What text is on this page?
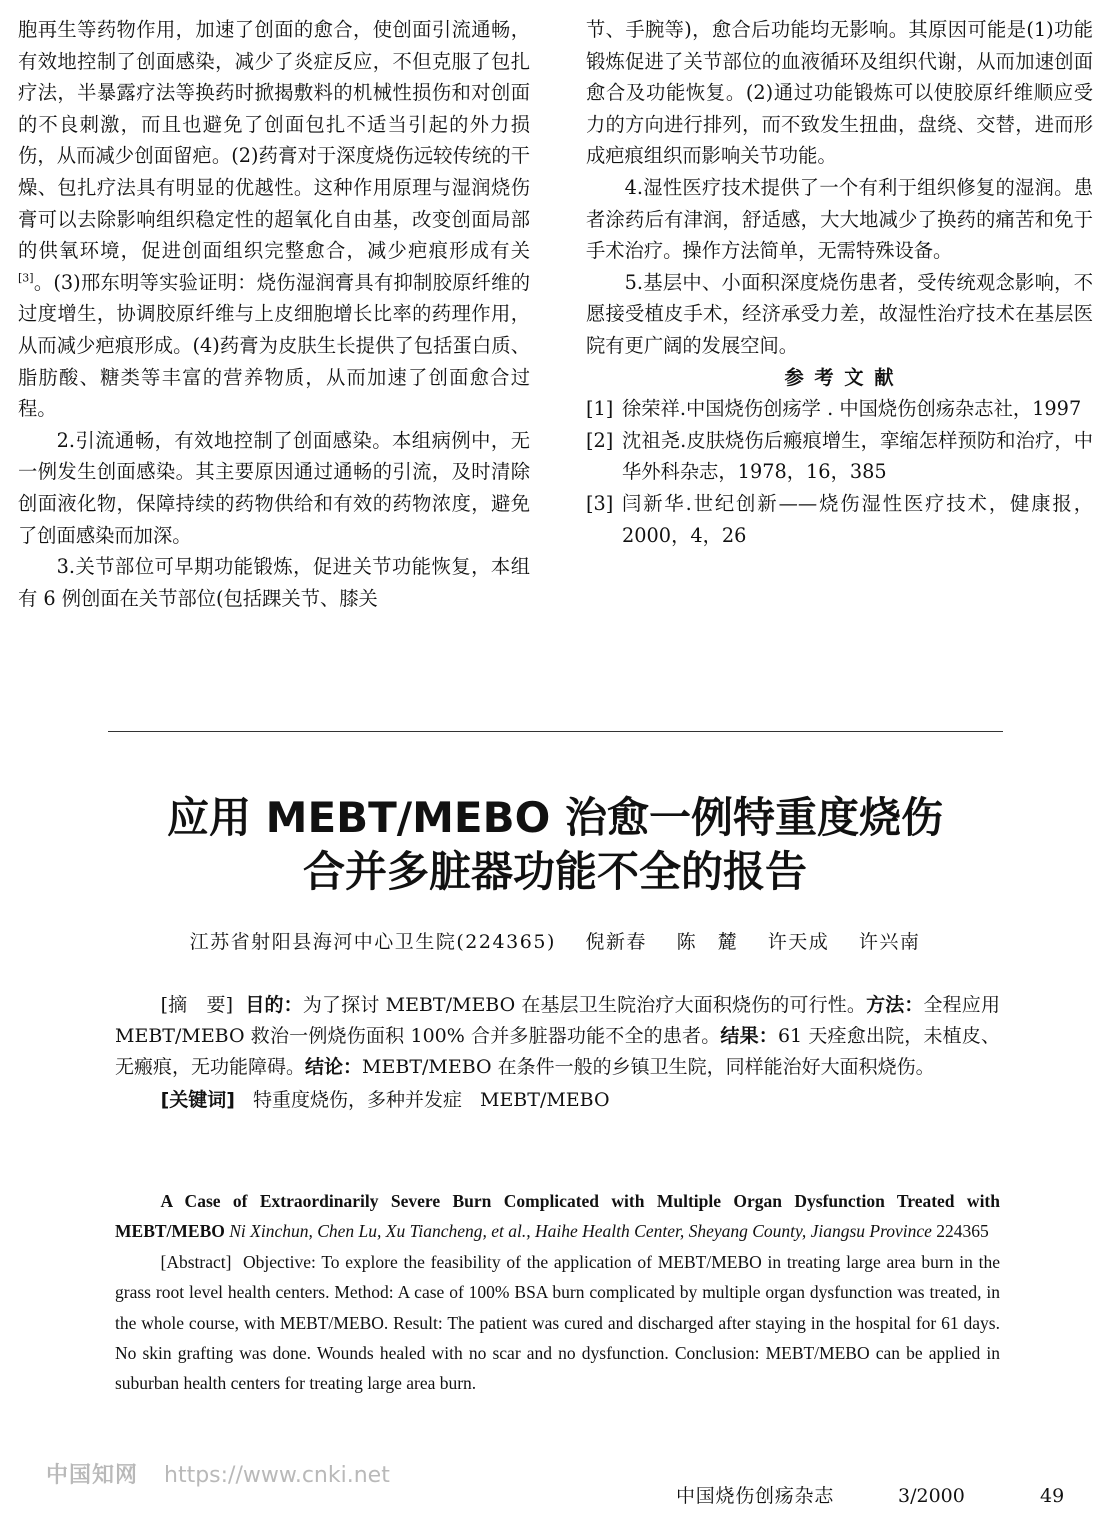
胞再生等药物作用，加速了创面的愈合，使创面引流通畅，有效地控制了创面感染，减少了炎症反应，不但克服了包扎疗法，半暴露疗法等换药时掀揭敷料的机械性损伤和对创面的不良刺激，而且也避免了创面包扎不适当引起的外力损伤，从而减少创面留疤。(2)药膏对于深度烧伤远较传统的干燥、包扎疗法具有明显的优越性。这种作用原理与湿润烧伤膏可以去除影响组织稳定性的超氧化自由基，改变创面局部的供氧环境，促进创面组织完整愈合，减少疤痕形成有关[3]。(3)邢东明等实验证明：烧伤湿润膏具有抑制胶原纤维的过度增生，协调胶原纤维与上皮细胞增长比率的药理作用，从而减少疤痕形成。(4)药膏为皮肤生长提供了包括蛋白质、脂肪酸、糖类等丰富的营养物质，从而加速了创面愈合过程。

2.引流通畅，有效地控制了创面感染。本组病例中，无一例发生创面感染。其主要原因通过通畅的引流，及时清除创面液化物，保障持续的药物供给和有效的药物浓度，避免了创面感染而加深。

3.关节部位可早期功能锻炼，促进关节功能恢复，本组有 6 例创面在关节部位(包括踝关节、膝关

节、手腕等)，愈合后功能均无影响。其原因可能是(1)功能锻炼促进了关节部位的血液循环及组织代谢，从而加速创面愈合及功能恢复。(2)通过功能锻炼可以使胶原纤维顺应受力的方向进行排列，而不致发生扭曲，盘绕、交替，进而形成疤痕组织而影响关节功能。

4.湿性医疗技术提供了一个有利于组织修复的湿润。患者涂药后有津润，舒适感，大大地减少了换药的痛苦和免于手术治疗。操作方法简单，无需特殊设备。

5.基层中、小面积深度烧伤患者，受传统观念影响，不愿接受植皮手术，经济承受力差，故湿性治疗技术在基层医院有更广阔的发展空间。

参考文献

[1] 徐荣祥.中国烧伤创疡学 . 中国烧伤创疡杂志社，1997

[2] 沈祖尧.皮肤烧伤后瘢痕增生，挛缩怎样预防和治疗，中华外科杂志，1978，16，385

[3] 闫新华.世纪创新——烧伤湿性医疗技术，健康报，2000，4，26

应用 MEBT/MEBO 治愈一例特重度烧伤
合并多脏器功能不全的报告
江苏省射阳县海河中心卫生院(224365) 倪新春 陈　麓 许天成 许兴南

[摘　要] 目的：为了探讨 MEBT/MEBO 在基层卫生院治疗大面积烧伤的可行性。方法：全程应用 MEBT/MEBO 救治一例烧伤面积 100% 合并多脏器功能不全的患者。结果：61 天痊愈出院，未植皮、无瘢痕，无功能障碍。结论：MEBT/MEBO 在条件一般的乡镇卫生院，同样能治好大面积烧伤。

[关键词] 特重度烧伤，多种并发症 MEBT/MEBO

A Case of Extraordinarily Severe Burn Complicated with Multiple Organ Dysfunction Treated with MEBT/MEBO Ni Xinchun, Chen Lu, Xu Tiancheng, et al., Haihe Health Center, Sheyang County, Jiangsu Province 224365

[Abstract] Objective: To explore the feasibility of the application of MEBT/MEBO in treating large area burn in the grass root level health centers. Method: A case of 100% BSA burn complicated by multiple organ dysfunction was treated, in the whole course, with MEBT/MEBO. Result: The patient was cured and discharged after staying in the hospital for 61 days. No skin grafting was done. Wounds healed with no scar and no dysfunction. Conclusion: MEBT/MEBO can be applied in suburban health centers for treating large area burn.

中国知网 https://www.cnki.net
中国烧伤创疡杂志	3/2000	49
